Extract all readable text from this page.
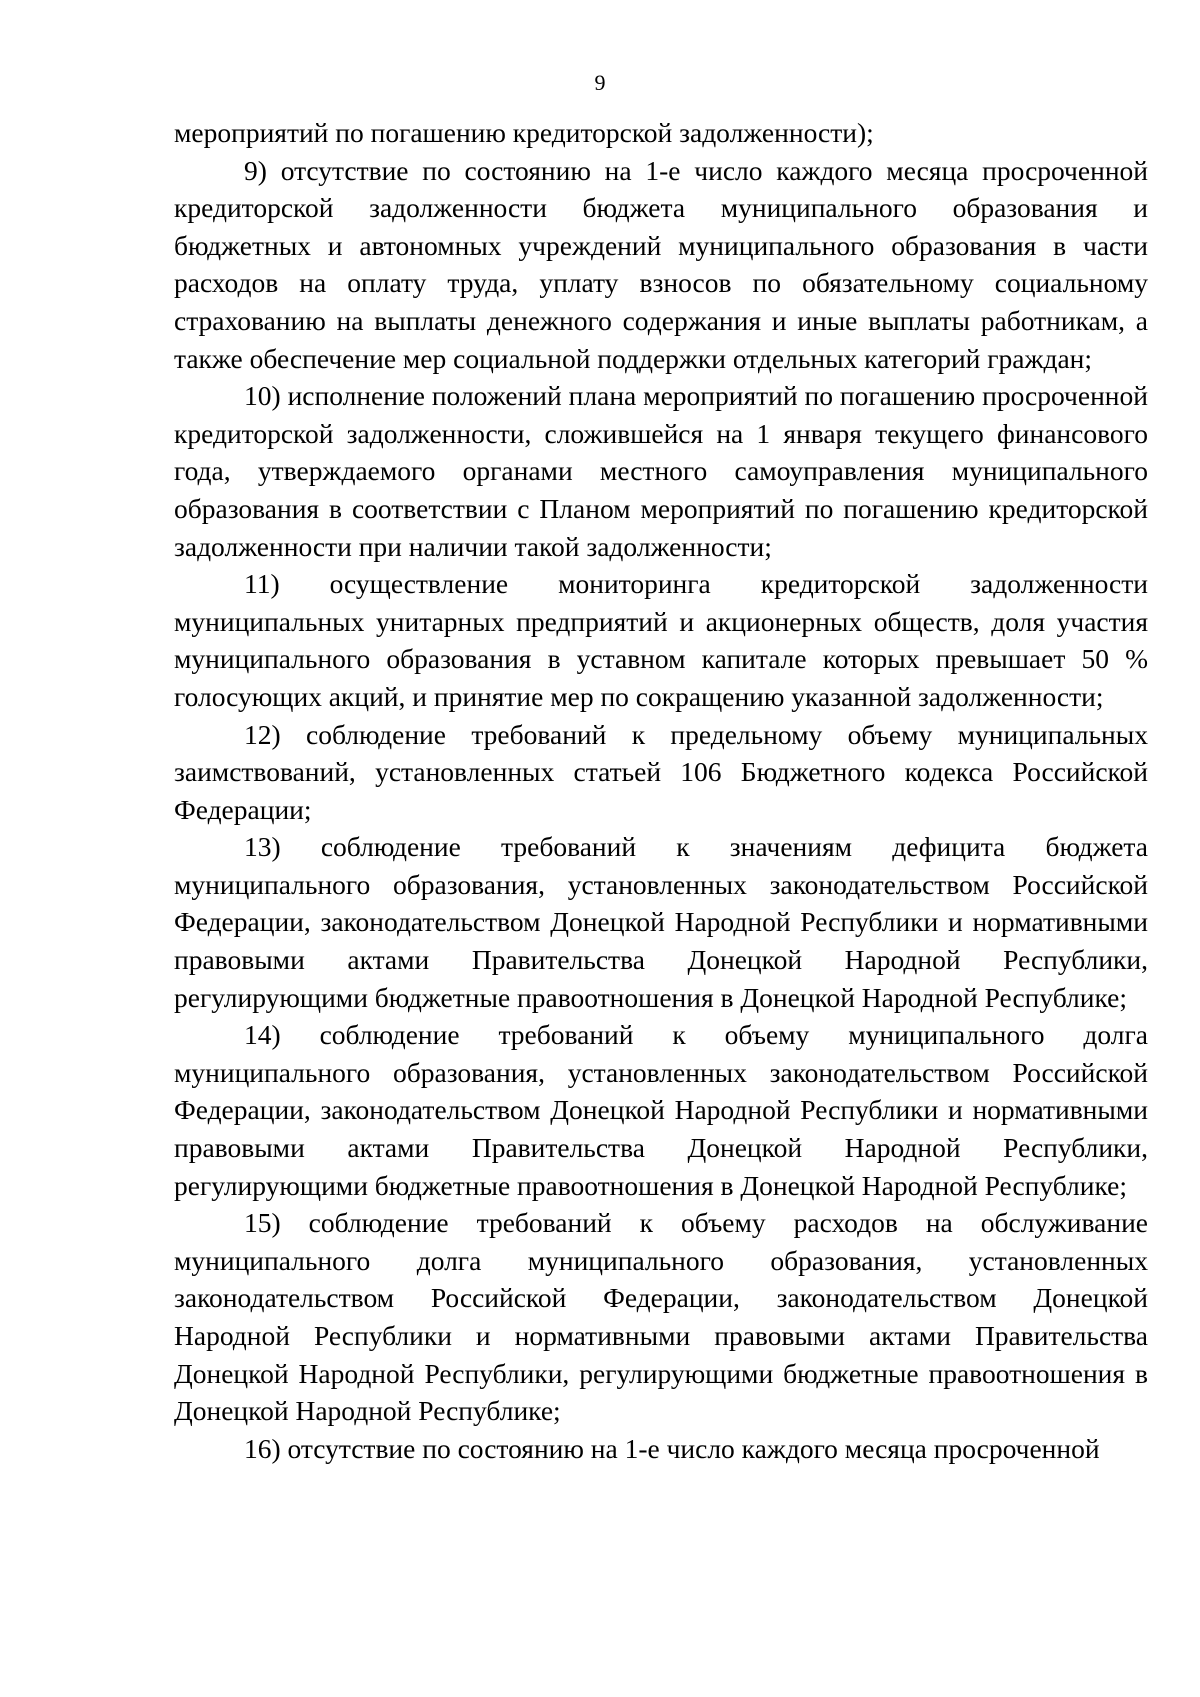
9

мероприятий по погашению кредиторской задолженности);

9) отсутствие по состоянию на 1-е число каждого месяца просроченной кредиторской задолженности бюджета муниципального образования и бюджетных и автономных учреждений муниципального образования в части расходов на оплату труда, уплату взносов по обязательному социальному страхованию на выплаты денежного содержания и иные выплаты работникам, а также обеспечение мер социальной поддержки отдельных категорий граждан;

10) исполнение положений плана мероприятий по погашению просроченной кредиторской задолженности, сложившейся на 1 января текущего финансового года, утверждаемого органами местного самоуправления муниципального образования в соответствии с Планом мероприятий по погашению кредиторской задолженности при наличии такой задолженности;

11) осуществление мониторинга кредиторской задолженности муниципальных унитарных предприятий и акционерных обществ, доля участия муниципального образования в уставном капитале которых превышает 50 % голосующих акций, и принятие мер по сокращению указанной задолженности;

12) соблюдение требований к предельному объему муниципальных заимствований, установленных статьей 106 Бюджетного кодекса Российской Федерации;

13) соблюдение требований к значениям дефицита бюджета муниципального образования, установленных законодательством Российской Федерации, законодательством Донецкой Народной Республики и нормативными правовыми актами Правительства Донецкой Народной Республики, регулирующими бюджетные правоотношения в Донецкой Народной Республике;

14) соблюдение требований к объему муниципального долга муниципального образования, установленных законодательством Российской Федерации, законодательством Донецкой Народной Республики и нормативными правовыми актами Правительства Донецкой Народной Республики, регулирующими бюджетные правоотношения в Донецкой Народной Республике;

15) соблюдение требований к объему расходов на обслуживание муниципального долга муниципального образования, установленных законодательством Российской Федерации, законодательством Донецкой Народной Республики и нормативными правовыми актами Правительства Донецкой Народной Республики, регулирующими бюджетные правоотношения в Донецкой Народной Республике;

16) отсутствие по состоянию на 1-е число каждого месяца просроченной
